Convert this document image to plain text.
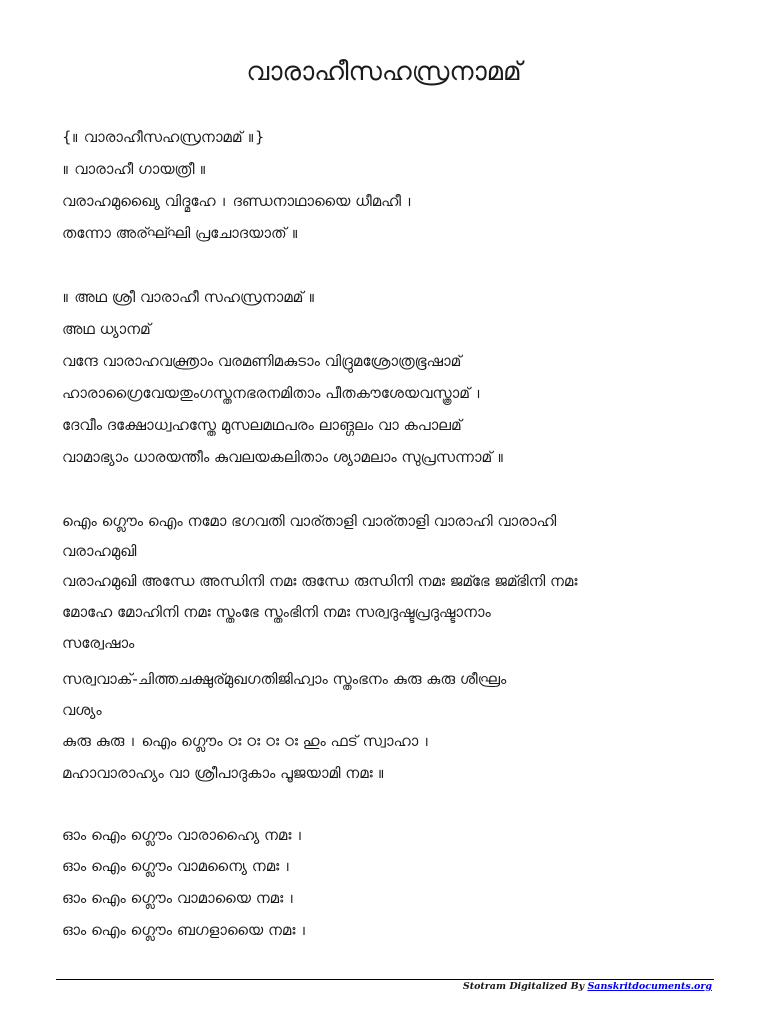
വാരാഹീസഹസ്രനാമമ്
{॥ വാരാഹീസഹസ്രനാമമ് ॥}
॥ വാരാഹീ ഗായത്രീ ॥
വരാഹമുഖ്യൈ വിദ്മഹേ । ദണ്ഡനാഥായൈ ധീമഹീ ।
തന്നോ അര്ഘ്ഘി പ്രചോദയാത് ॥
॥ അഥ ശ്രീ വാരാഹീ സഹസ്രനാമമ് ॥
അഥ ധ്യാനമ്
വന്ദേ വാരാഹവക്ത്രാം വരമണിമകുടാം വിദ്രുമശ്രോത്രഭൂഷാമ്
ഹാരാഗ്രൈവേയതുംഗസ്തനഭരനമിതാം പീതകൗശേയവസ്ത്രാമ് ।
ദേവീം ദക്ഷോധ്വഹസ്തേ മുസലമഥപരം ലാങ്ഗലം വാ കപാലമ്
വാമാഭ്യാം ധാരയന്തീം കുവലയകലിതാം ശ്യാമലാം സുപ്രസന്നാമ് ॥
ഐം ഗ്ലൌം ഐം നമോ ഭഗവതി വാര്താളി വാര്താളി വാരാഹി വാരാഹി
വരാഹമുഖി
വരാഹമുഖി അന്ധേ അന്ധിനി നമഃ രുന്ധേ രുന്ധിനി നമഃ ജമ്ഭേ ജമ്ഭിനി നമഃ
മോഹേ മോഹിനി നമഃ സ്തംഭേ സ്തംഭിനി നമഃ സര്വദുഷ്ടപ്രദുഷ്ടാനാം
സര്വേഷാം
സര്വവാക്-ചിത്തചക്ഷുര്മുഖഗതിജിഹ്വാം സ്തംഭനം കുരു കുരു ശീഘ്രം
വശ്യം
കുരു കുരു । ഐം ഗ്ലൌം ഠഃ ഠഃ ഠഃ ഠഃ ഹും ഫട് സ്വാഹാ ।
മഹാവാരാഹ്യം വാ ശ്രീപാദുകാം പൂജയാമി നമഃ ॥
ഓം ഐം ഗ്ലൌം വാരാഹ്യൈ നമഃ ।
ഓം ഐം ഗ്ലൌം വാമന്യൈ നമഃ ।
ഓം ഐം ഗ്ലൌം വാമായൈ നമഃ ।
ഓം ഐം ഗ്ലൌം ബഗളായൈ നമഃ ।
Stotram Digitalized By Sanskritdocuments.org
